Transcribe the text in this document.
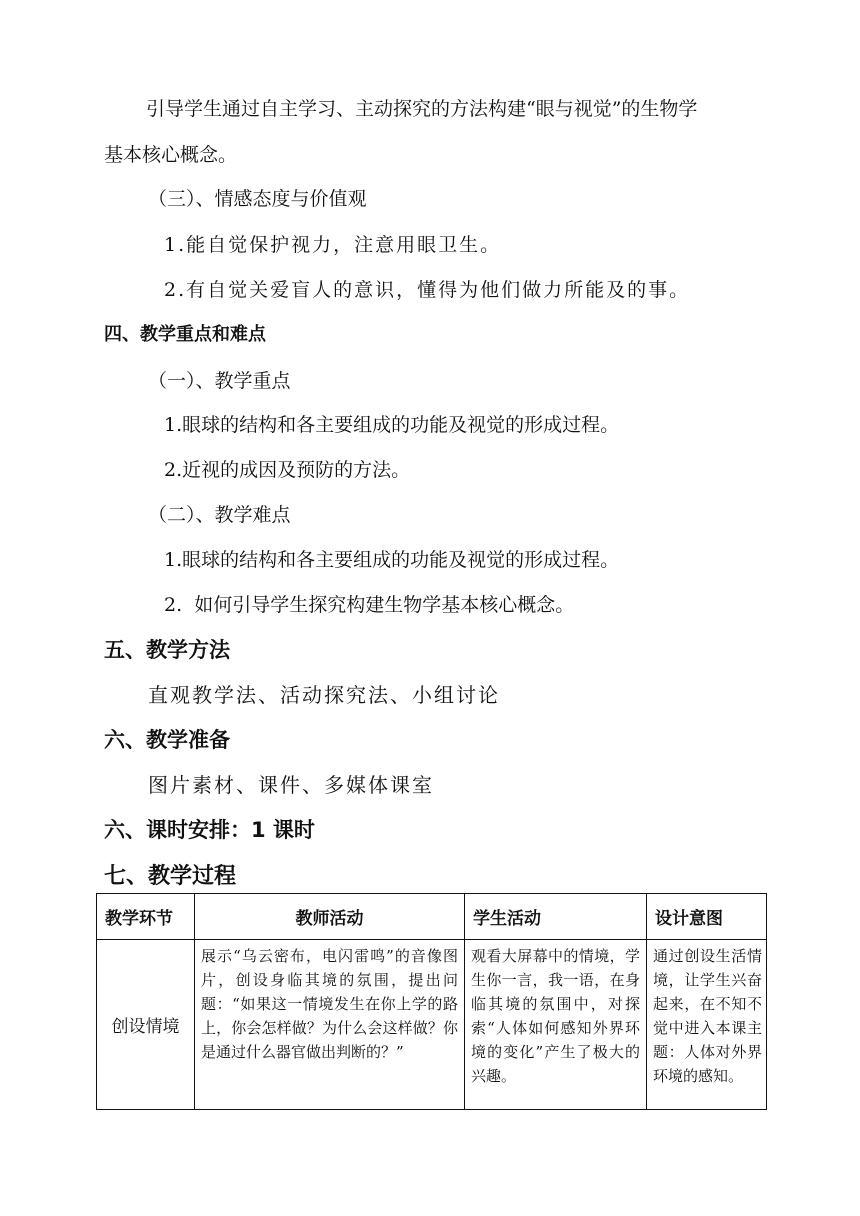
引导学生通过自主学习、主动探究的方法构建“眼与视觉”的生物学
基本核心概念。
（三）、情感态度与价值观
1.能自觉保护视力，注意用眼卫生。
2.有自觉关爱盲人的意识，懂得为他们做力所能及的事。
四、教学重点和难点
（一）、教学重点
1.眼球的结构和各主要组成的功能及视觉的形成过程。
2.近视的成因及预防的方法。
（二）、教学难点
1.眼球的结构和各主要组成的功能及视觉的形成过程。
2.  如何引导学生探究构建生物学基本核心概念。
五、教学方法
直观教学法、活动探究法、小组讨论
六、教学准备
图片素材、课件、多媒体课室
六、课时安排：1 课时
七、教学过程
教学环节	教师活动	学生活动	设计意图
创设情境	展示“乌云密布，电闪雷鸣”的音像图片，创设身临其境的氛围，提出问题：“如果这一情境发生在你上学的路上，你会怎样做？为什么会这样做？你是通过什么器官做出判断的？”	观看大屏幕中的情境，学生你一言，我一语，在身临其境的氛围中，对探索“人体如何感知外界环境的变化”产生了极大的兴趣。	通过创设生活情境，让学生兴奋起来，在不知不觉中进入本课主题：人体对外界环境的感知。
